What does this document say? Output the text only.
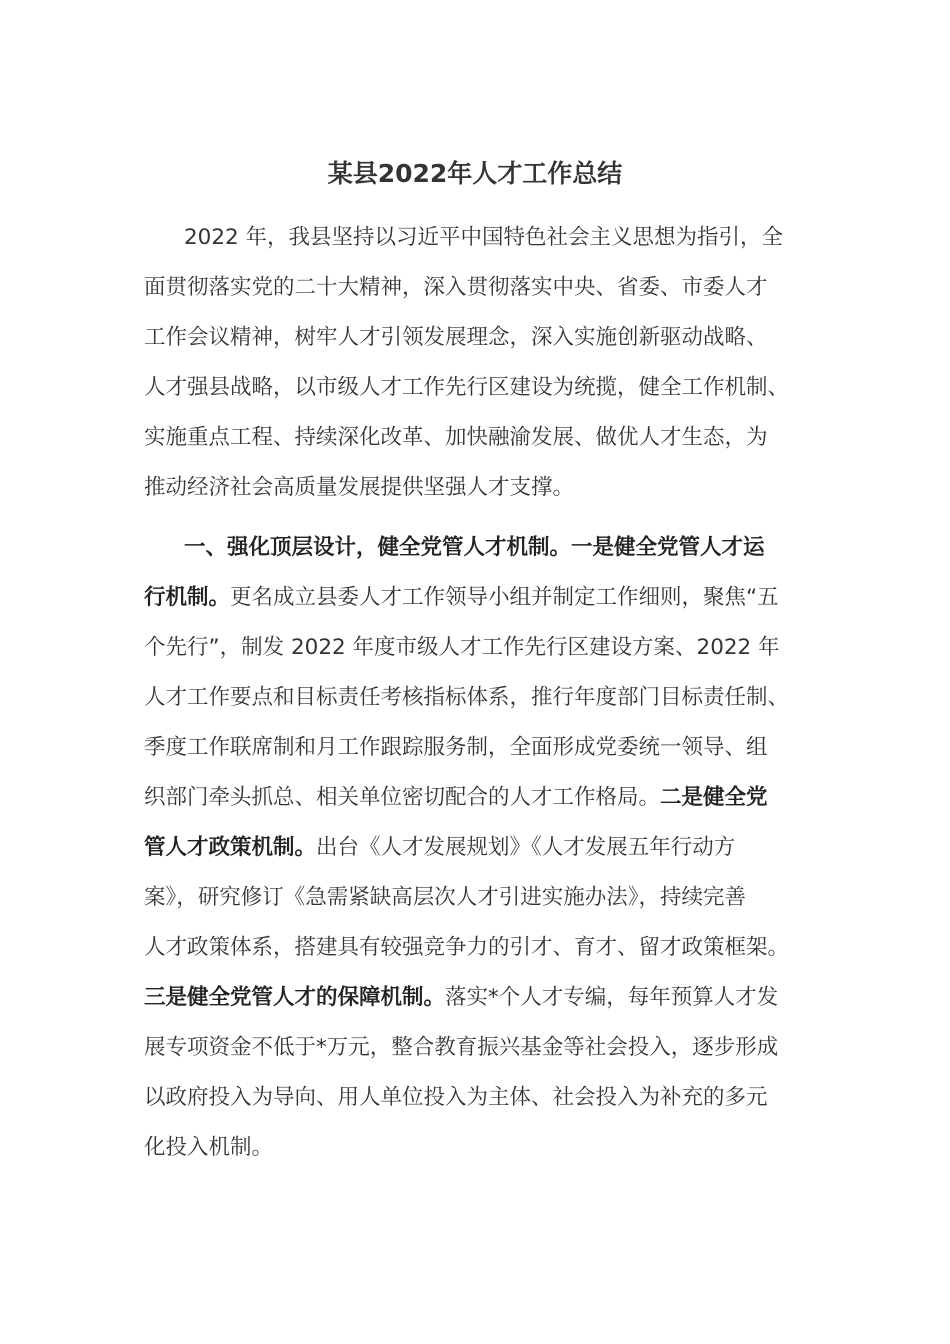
某县2022年人才工作总结
2022 年，我县坚持以习近平中国特色社会主义思想为指引，全
面贯彻落实党的二十大精神，深入贯彻落实中央、省委、市委人才
工作会议精神，树牢人才引领发展理念，深入实施创新驱动战略、
人才强县战略，以市级人才工作先行区建设为统揽，健全工作机制、
实施重点工程、持续深化改革、加快融渝发展、做优人才生态，为
推动经济社会高质量发展提供坚强人才支撑。
一、强化顶层设计，健全党管人才机制。一是健全党管人才运
行机制。更名成立县委人才工作领导小组并制定工作细则，聚焦“五
个先行”，制发 2022 年度市级人才工作先行区建设方案、2022 年
人才工作要点和目标责任考核指标体系，推行年度部门目标责任制、
季度工作联席制和月工作跟踪服务制，全面形成党委统一领导、组
织部门牵头抓总、相关单位密切配合的人才工作格局。二是健全党
管人才政策机制。出台《人才发展规划》《人才发展五年行动方
案》，研究修订《急需紧缺高层次人才引进实施办法》，持续完善
人才政策体系，搭建具有较强竞争力的引才、育才、留才政策框架。
三是健全党管人才的保障机制。落实*个人才专编，每年预算人才发
展专项资金不低于*万元，整合教育振兴基金等社会投入，逐步形成
以政府投入为导向、用人单位投入为主体、社会投入为补充的多元
化投入机制。
